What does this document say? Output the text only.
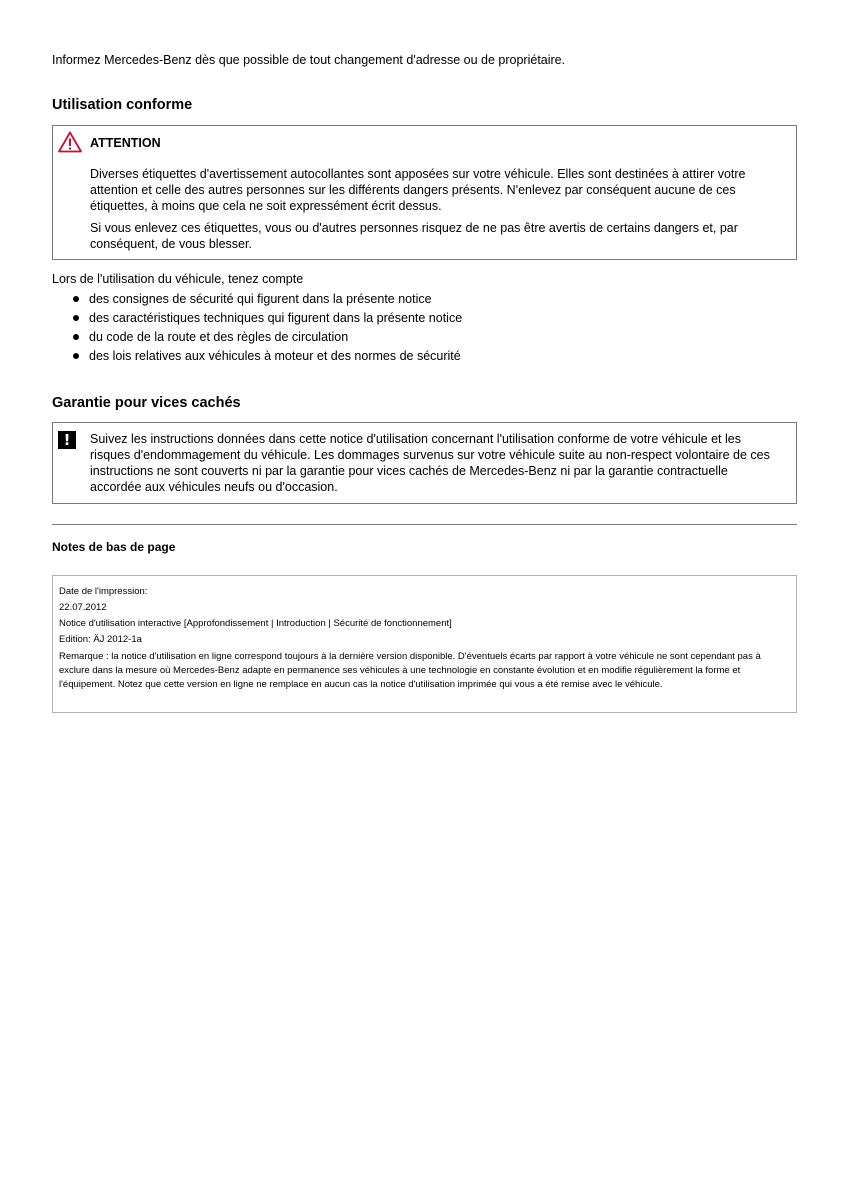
Informez Mercedes-Benz dès que possible de tout changement d'adresse ou de propriétaire.
Utilisation conforme
ATTENTION
Diverses étiquettes d'avertissement autocollantes sont apposées sur votre véhicule. Elles sont destinées à attirer votre attention et celle des autres personnes sur les différents dangers présents. N'enlevez par conséquent aucune de ces étiquettes, à moins que cela ne soit expressément écrit dessus.
Si vous enlevez ces étiquettes, vous ou d'autres personnes risquez de ne pas être avertis de certains dangers et, par conséquent, de vous blesser.
Lors de l'utilisation du véhicule, tenez compte
des consignes de sécurité qui figurent dans la présente notice
des caractéristiques techniques qui figurent dans la présente notice
du code de la route et des règles de circulation
des lois relatives aux véhicules à moteur et des normes de sécurité
Garantie pour vices cachés
!	Suivez les instructions données dans cette notice d'utilisation concernant l'utilisation conforme de votre véhicule et les risques d'endommagement du véhicule. Les dommages survenus sur votre véhicule suite au non-respect volontaire de ces instructions ne sont couverts ni par la garantie pour vices cachés de Mercedes-Benz ni par la garantie contractuelle accordée aux véhicules neufs ou d'occasion.
Notes de bas de page
Date de l'impression:
22.07.2012
Notice d'utilisation interactive [Approfondissement | Introduction | Sécurité de fonctionnement]
Edition: ÄJ 2012-1a
Remarque : la notice d'utilisation en ligne correspond toujours à la dernière version disponible. D'éventuels écarts par rapport à votre véhicule ne sont cependant pas à exclure dans la mesure où Mercedes-Benz adapte en permanence ses véhicules à une technologie en constante évolution et en modifie régulièrement la forme et l'équipement. Notez que cette version en ligne ne remplace en aucun cas la notice d'utilisation imprimée qui vous a été remise avec le véhicule.
